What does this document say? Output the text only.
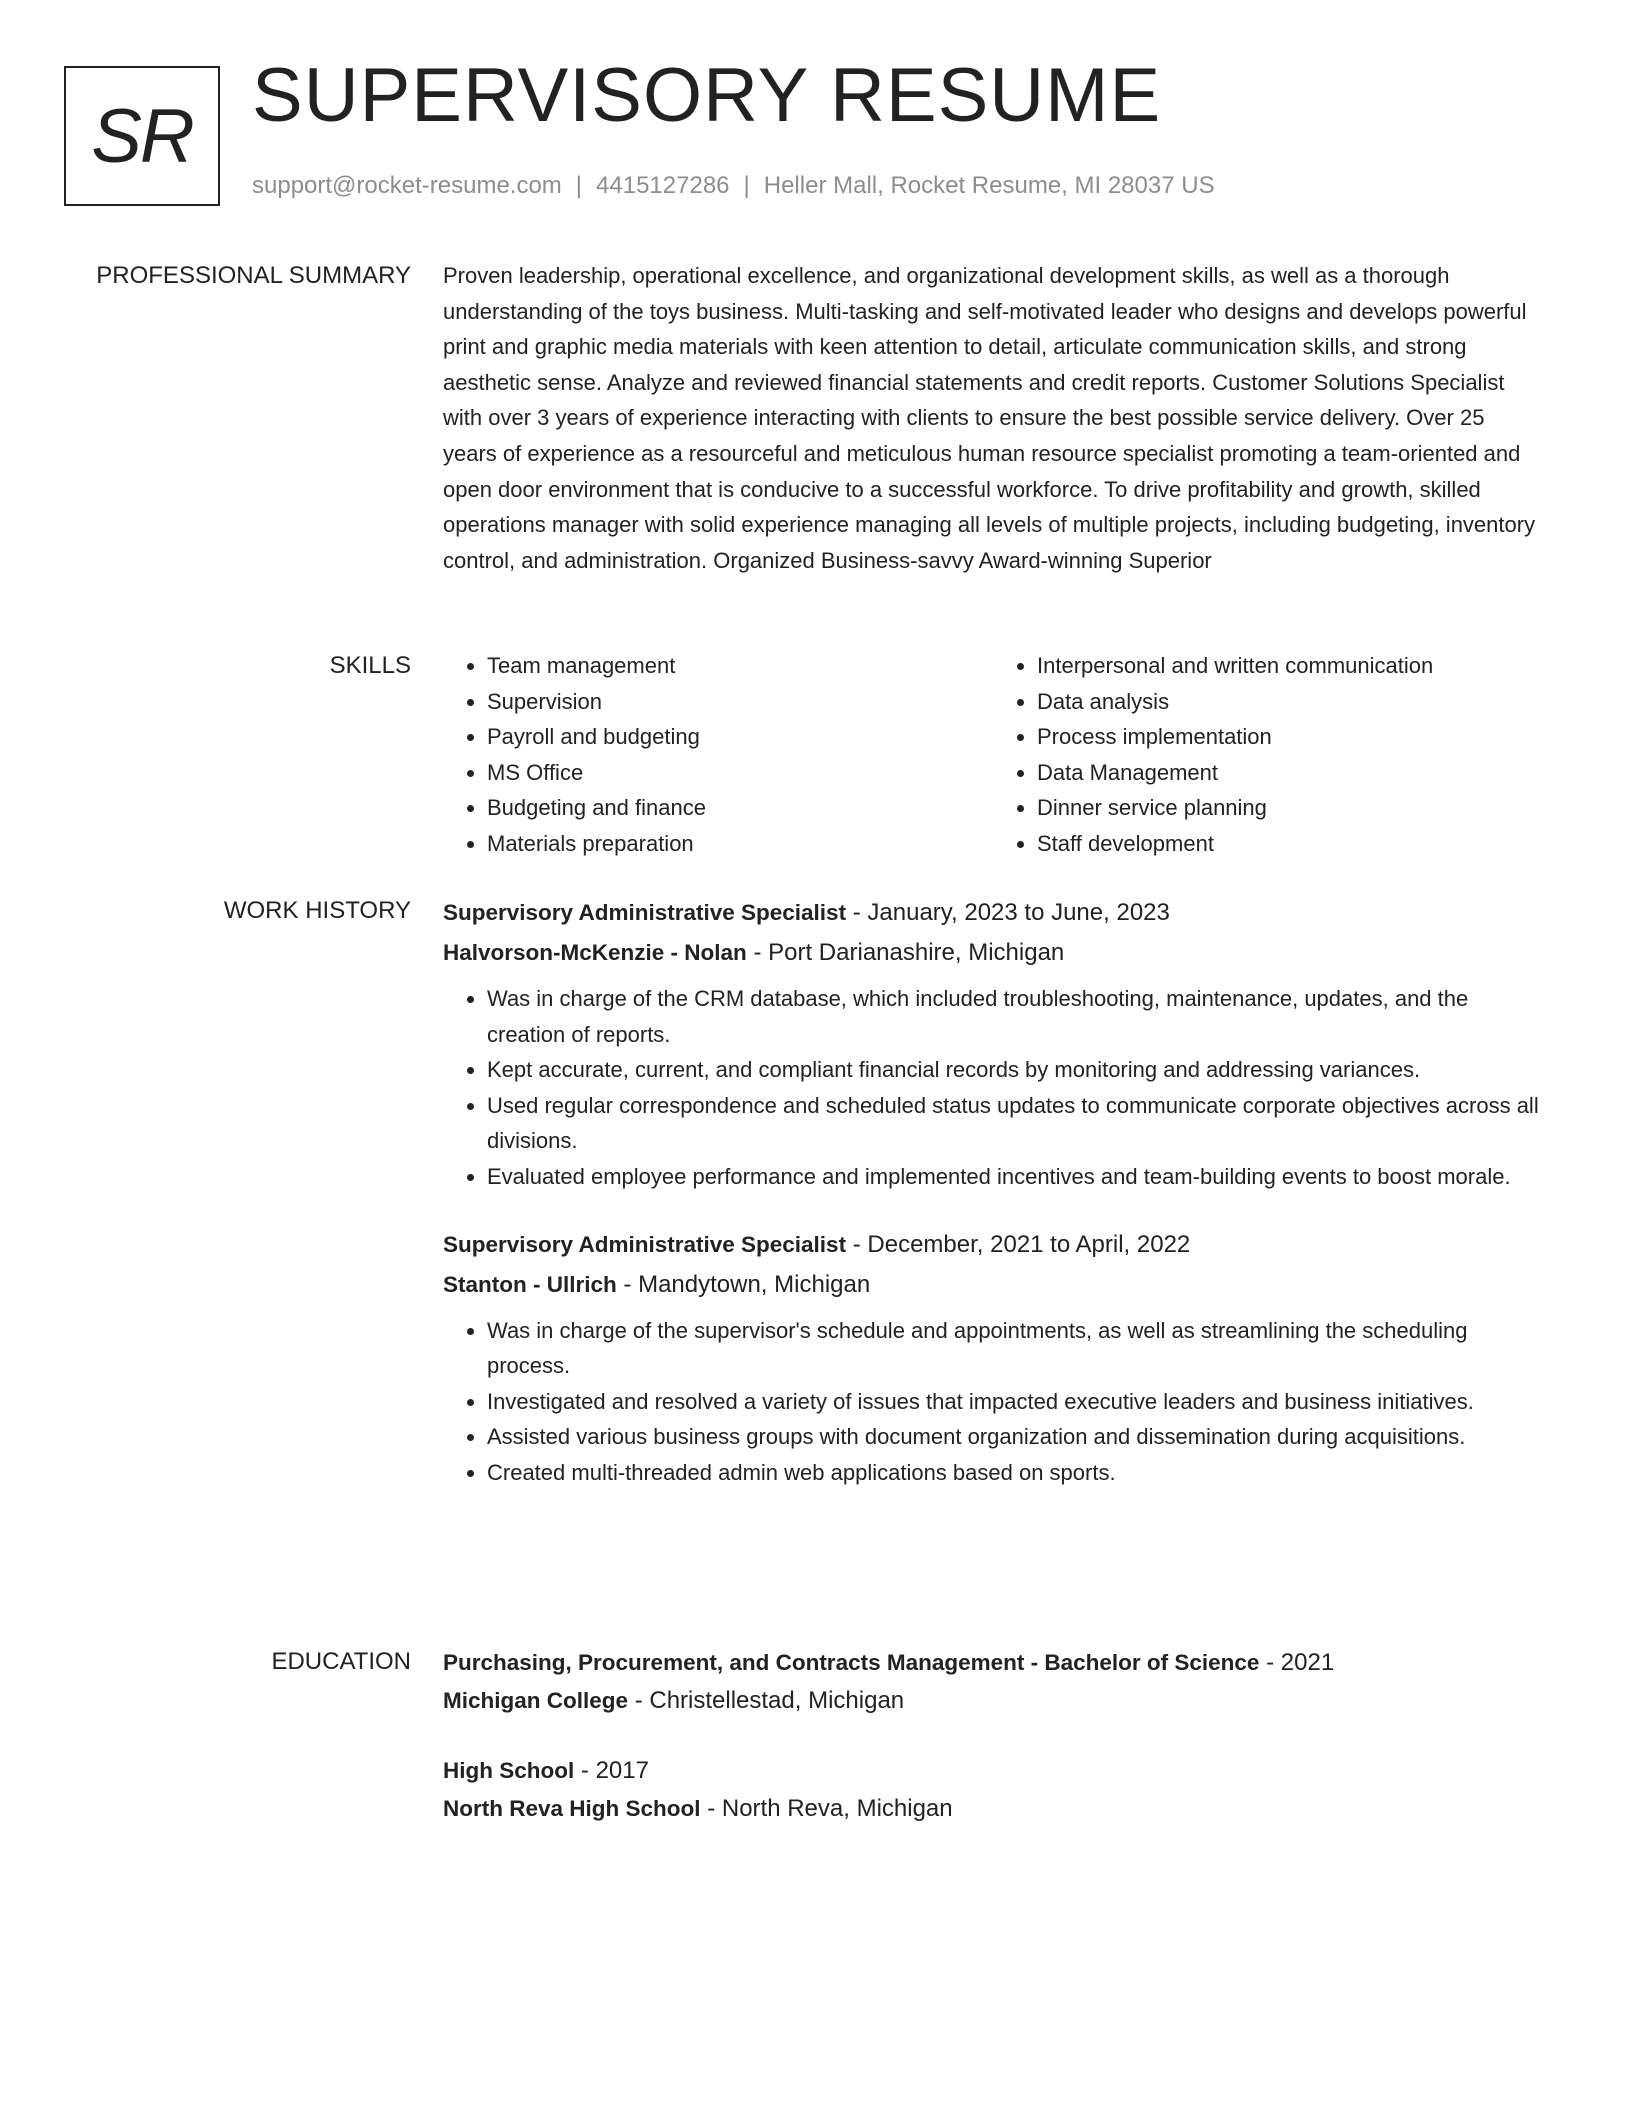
SR SUPERVISORY RESUME
support@rocket-resume.com | 4415127286 | Heller Mall, Rocket Resume, MI 28037 US
PROFESSIONAL SUMMARY Proven leadership, operational excellence, and organizational development skills, as well as a thorough understanding of the toys business. Multi-tasking and self-motivated leader who designs and develops powerful print and graphic media materials with keen attention to detail, articulate communication skills, and strong aesthetic sense. Analyze and reviewed financial statements and credit reports. Customer Solutions Specialist with over 3 years of experience interacting with clients to ensure the best possible service delivery. Over 25 years of experience as a resourceful and meticulous human resource specialist promoting a team-oriented and open door environment that is conducive to a successful workforce. To drive profitability and growth, skilled operations manager with solid experience managing all levels of multiple projects, including budgeting, inventory control, and administration. Organized Business-savvy Award-winning Superior

SKILLS
•	Team management
• Supervision
• Payroll and budgeting
• MS Office
• Budgeting and finance
• Materials preparation
• Interpersonal and written communication
• Data analysis
• Process implementation
• Data Management
• Dinner service planning
• Staff development
WORK HISTORY Supervisory Administrative Specialist - January, 2023 to June, 2023
Halvorson-McKenzie - Nolan - Port Darianashire, Michigan
• Was in charge of the CRM database, which included troubleshooting, maintenance, updates, and the creation of reports.
• Kept accurate, current, and compliant financial records by monitoring and addressing variances.
• Used regular correspondence and scheduled status updates to communicate corporate objectives across all divisions.
• Evaluated employee performance and implemented incentives and team-building events to boost morale.
Supervisory Administrative Specialist - December, 2021 to April, 2022
Stanton - Ullrich - Mandytown, Michigan
• Was in charge of the supervisor's schedule and appointments, as well as streamlining the scheduling process.
• Investigated and resolved a variety of issues that impacted executive leaders and business initiatives.
• Assisted various business groups with document organization and dissemination during acquisitions.
• Created multi-threaded admin web applications based on sports.
EDUCATION Purchasing, Procurement, and Contracts Management - Bachelor of Science - 2021
Michigan College - Christellestad, Michigan
High School - 2017
North Reva High School - North Reva, Michigan
